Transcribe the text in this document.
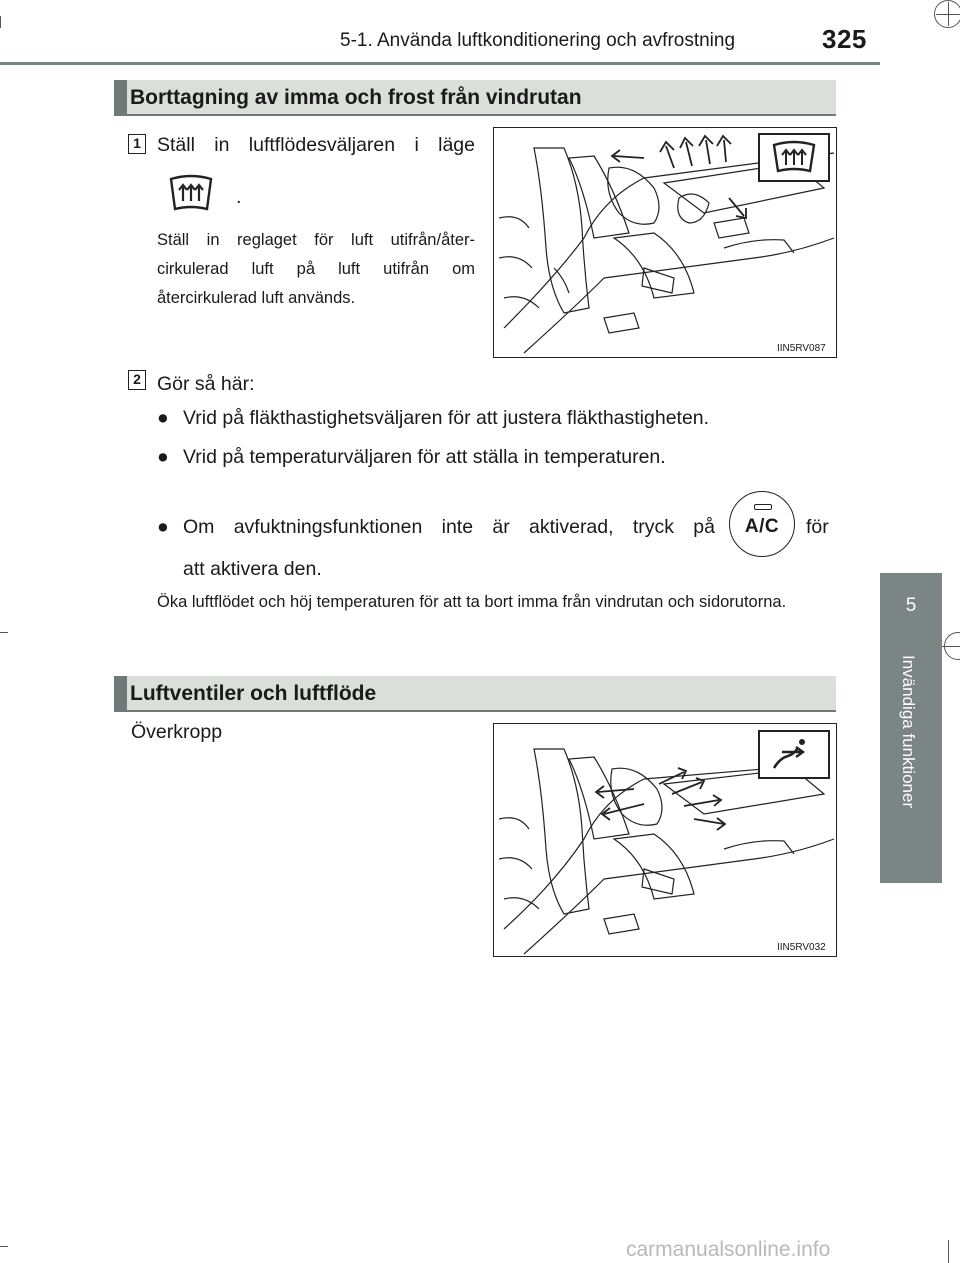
5-1. Använda luftkonditionering och avfrostning	325
5
Invändiga funktioner
Borttagning av imma och frost från vindrutan
1 Ställ in luftflödesväljaren i läge
.
Ställ in reglaget för luft utifrån/åter-cirkulerad luft på luft utifrån om återcirkulerad luft används.
IIN5RV087
2 Gör så här:
● Vrid på fläkthastighetsväljaren för att justera fläkthastigheten.
● Vrid på temperaturväljaren för att ställa in temperaturen.
● Om avfuktningsfunktionen inte är aktiverad, tryck på	A/C	för
att aktivera den.
Öka luftflödet och höj temperaturen för att ta bort imma från vindrutan och sidorutorna.
Luftventiler och luftflöde
Överkropp
IIN5RV032
carmanualsonline.info
